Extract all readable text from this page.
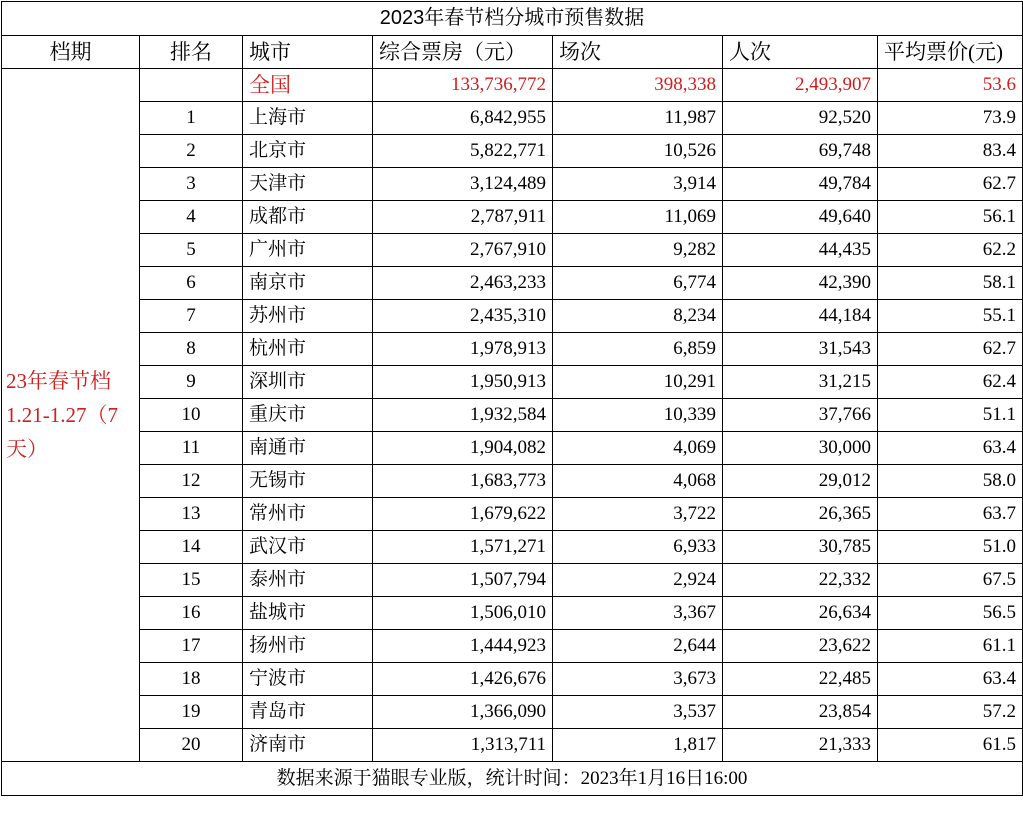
2023年春节档分城市预售数据						
档期	排名	城市	综合票房（元）	场次	人次	平均票价(元)
23年春节档1.21-1.27（7天）		全国	133,736,772	398,338	2,493,907	53.6
	1	上海市	6,842,955	11,987	92,520	73.9
	2	北京市	5,822,771	10,526	69,748	83.4
	3	天津市	3,124,489	3,914	49,784	62.7
	4	成都市	2,787,911	11,069	49,640	56.1
	5	广州市	2,767,910	9,282	44,435	62.2
	6	南京市	2,463,233	6,774	42,390	58.1
	7	苏州市	2,435,310	8,234	44,184	55.1
	8	杭州市	1,978,913	6,859	31,543	62.7
	9	深圳市	1,950,913	10,291	31,215	62.4
	10	重庆市	1,932,584	10,339	37,766	51.1
	11	南通市	1,904,082	4,069	30,000	63.4
	12	无锡市	1,683,773	4,068	29,012	58.0
	13	常州市	1,679,622	3,722	26,365	63.7
	14	武汉市	1,571,271	6,933	30,785	51.0
	15	泰州市	1,507,794	2,924	22,332	67.5
	16	盐城市	1,506,010	3,367	26,634	56.5
	17	扬州市	1,444,923	2,644	23,622	61.1
	18	宁波市	1,426,676	3,673	22,485	63.4
	19	青岛市	1,366,090	3,537	23,854	57.2
	20	济南市	1,313,711	1,817	21,333	61.5
数据来源于猫眼专业版，统计时间：2023年1月16日16:00						
